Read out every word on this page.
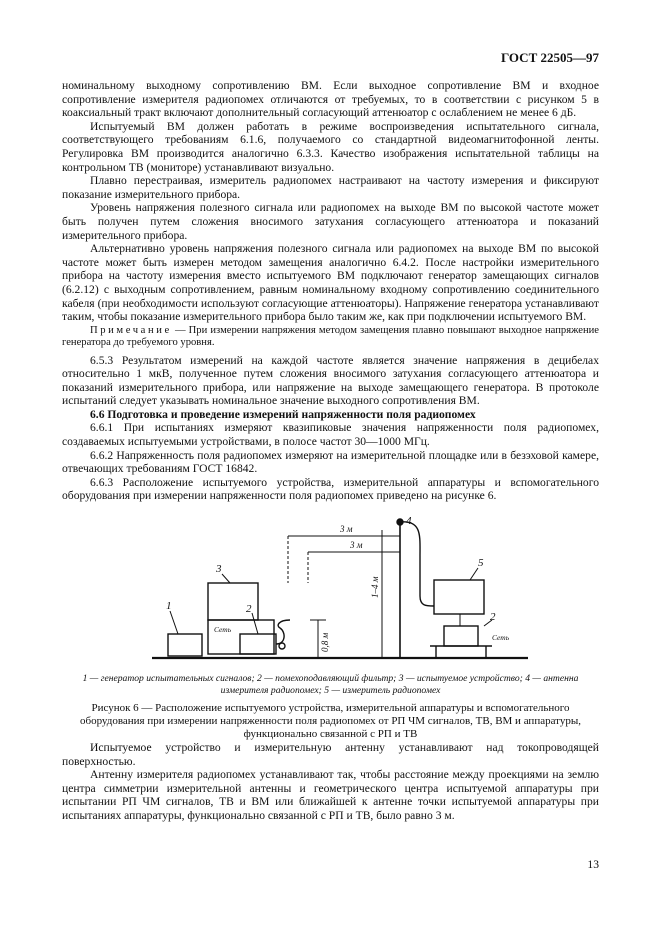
ГОСТ 22505—97

номинальному выходному сопротивлению ВМ. Если выходное сопротивление ВМ и входное сопротивление измерителя радиопомех отличаются от требуемых, то в соответствии с рисунком 5 в коаксиальный тракт включают дополнительный согласующий аттенюатор с ослаблением не менее 6 дБ.

Испытуемый ВМ должен работать в режиме воспроизведения испытательного сигнала, соответствующего требованиям 6.1.6, получаемого со стандартной видеомагнитофонной ленты. Регулировка ВМ производится аналогично 6.3.3. Качество изображения испытательной таблицы на контрольном ТВ (мониторе) устанавливают визуально.

Плавно перестраивая, измеритель радиопомех настраивают на частоту измерения и фиксируют показание измерительного прибора.

Уровень напряжения полезного сигнала или радиопомех на выходе ВМ по высокой частоте может быть получен путем сложения вносимого затухания согласующего аттенюатора и показаний измерительного прибора.

Альтернативно уровень напряжения полезного сигнала или радиопомех на выходе ВМ по высокой частоте может быть измерен методом замещения аналогично 6.4.2. После настройки измерительного прибора на частоту измерения вместо испытуемого ВМ подключают генератор замещающих сигналов (6.2.12) с выходным сопротивлением, равным номинальному входному сопротивлению соединительного кабеля (при необходимости используют согласующие аттенюаторы). Напряжение генератора устанавливают таким, чтобы показание измерительного прибора было таким же, как при подключении испытуемого ВМ.

Примечание — При измерении напряжения методом замещения плавно повышают выходное напряжение генератора до требуемого уровня.

6.5.3 Результатом измерений на каждой частоте является значение напряжения в децибелах относительно 1 мкВ, полученное путем сложения вносимого затухания согласующего аттенюатора и показаний измерительного прибора, или напряжение на выходе замещающего генератора. В протоколе испытаний следует указывать номинальное значение выходного сопротивления ВМ.

6.6 Подготовка и проведение измерений напряженности поля радиопомех

6.6.1 При испытаниях измеряют квазипиковые значения напряженности поля радиопомех, создаваемых испытуемыми устройствами, в полосе частот 30—1000 МГц.

6.6.2 Напряженность поля радиопомех измеряют на измерительной площадке или в безэховой камере, отвечающих требованиям ГОСТ 16842.

6.6.3 Расположение испытуемого устройства, измерительной аппаратуры и вспомогательного оборудования при измерении напряженности поля радиопомех приведено на рисунке 6.

1	2
3
4
5
2
3 м
3 м
1–4 м
0,8 м
Сеть
Сеть
1 — генератор испытательных сигналов; 2 — помехоподавляющий фильтр; 3 — испытуемое устройство; 4 — антенна измерителя радиопомех; 5 — измеритель радиопомех
Рисунок 6 — Расположение испытуемого устройства, измерительной аппаратуры и вспомогательного оборудования при измерении напряженности поля радиопомех от РП ЧМ сигналов, ТВ, ВМ и аппаратуры, функционально связанной с РП и ТВ

Испытуемое устройство и измерительную антенну устанавливают над токопроводящей поверхностью.

Антенну измерителя радиопомех устанавливают так, чтобы расстояние между проекциями на землю центра симметрии измерительной антенны и геометрического центра испытуемой аппаратуры при испытании РП ЧМ сигналов, ТВ и ВМ или ближайшей к антенне точки испытуемой аппаратуры при испытаниях аппаратуры, функционально связанной с РП и ТВ, было равно 3 м.

13
